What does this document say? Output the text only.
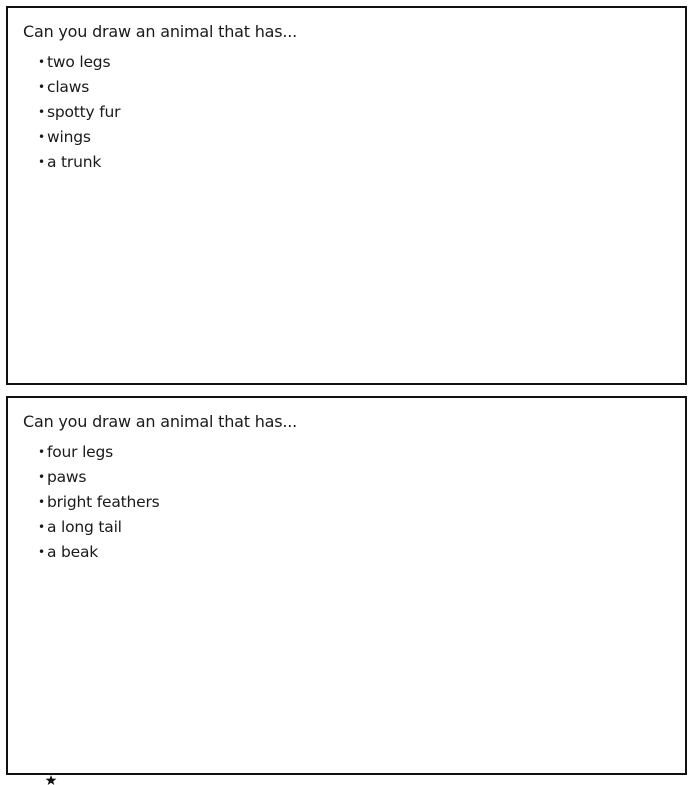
Can you draw an animal that has...

• two legs
• claws
• spotty fur
• wings
• a trunk

Can you draw an animal that has...

• four legs
• paws
• bright feathers
• a long tail
• a beak
